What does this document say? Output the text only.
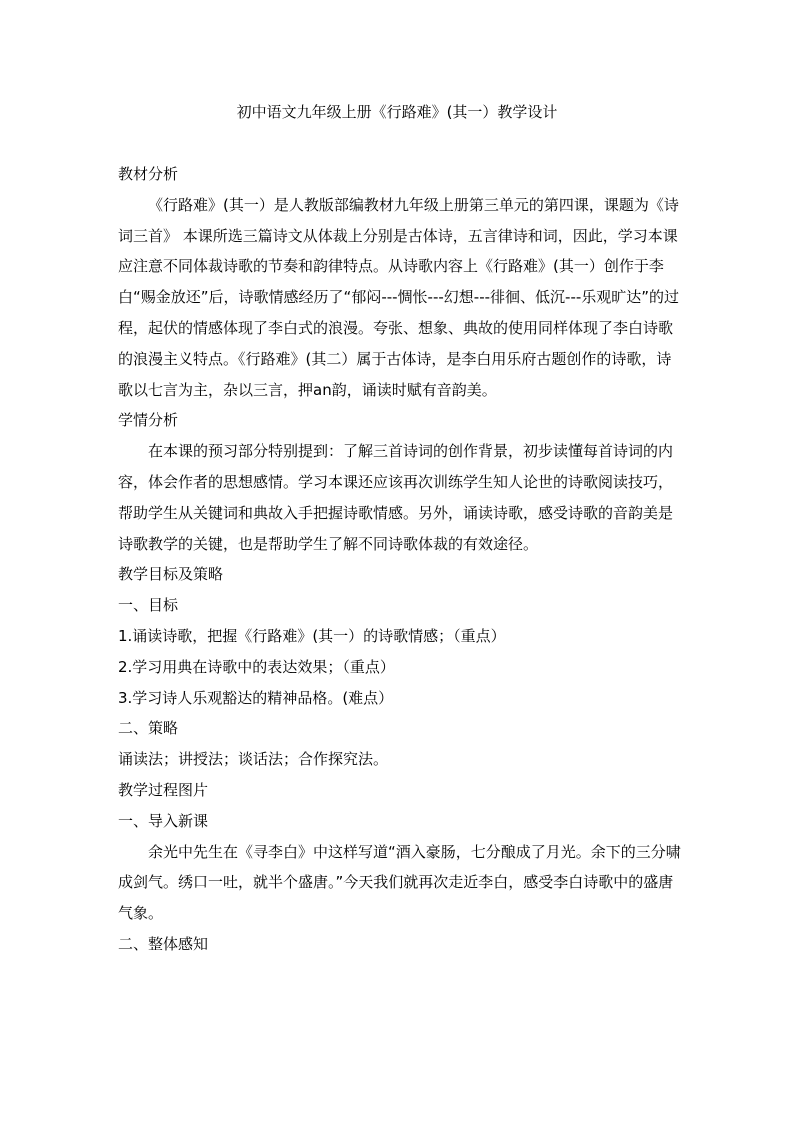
初中语文九年级上册《行路难》(其一）教学设计

教材分析

《行路难》(其一）是人教版部编教材九年级上册第三单元的第四课，课题为《诗词三首》 本课所选三篇诗文从体裁上分别是古体诗，五言律诗和词，因此，学习本课应注意不同体裁诗歌的节奏和韵律特点。从诗歌内容上《行路难》(其一）创作于李白“赐金放还”后，诗歌情感经历了“郁闷---惆怅---幻想---徘徊、低沉---乐观旷达”的过程，起伏的情感体现了李白式的浪漫。夸张、想象、典故的使用同样体现了李白诗歌的浪漫主义特点。《行路难》(其二）属于古体诗，是李白用乐府古题创作的诗歌，诗歌以七言为主，杂以三言，押an韵，诵读时赋有音韵美。

学情分析

在本课的预习部分特别提到：了解三首诗词的创作背景，初步读懂每首诗词的内容，体会作者的思想感情。学习本课还应该再次训练学生知人论世的诗歌阅读技巧，帮助学生从关键词和典故入手把握诗歌情感。另外，诵读诗歌，感受诗歌的音韵美是诗歌教学的关键，也是帮助学生了解不同诗歌体裁的有效途径。

教学目标及策略

一、目标

1.诵读诗歌，把握《行路难》(其一）的诗歌情感；（重点）

2.学习用典在诗歌中的表达效果；（重点）

3.学习诗人乐观豁达的精神品格。(难点）

二、策略

诵读法；讲授法；谈话法；合作探究法。

教学过程图片

一、导入新课

余光中先生在《寻李白》中这样写道“酒入豪肠，七分酿成了月光。余下的三分啸成剑气。绣口一吐，就半个盛唐。”今天我们就再次走近李白，感受李白诗歌中的盛唐气象。

二、整体感知
